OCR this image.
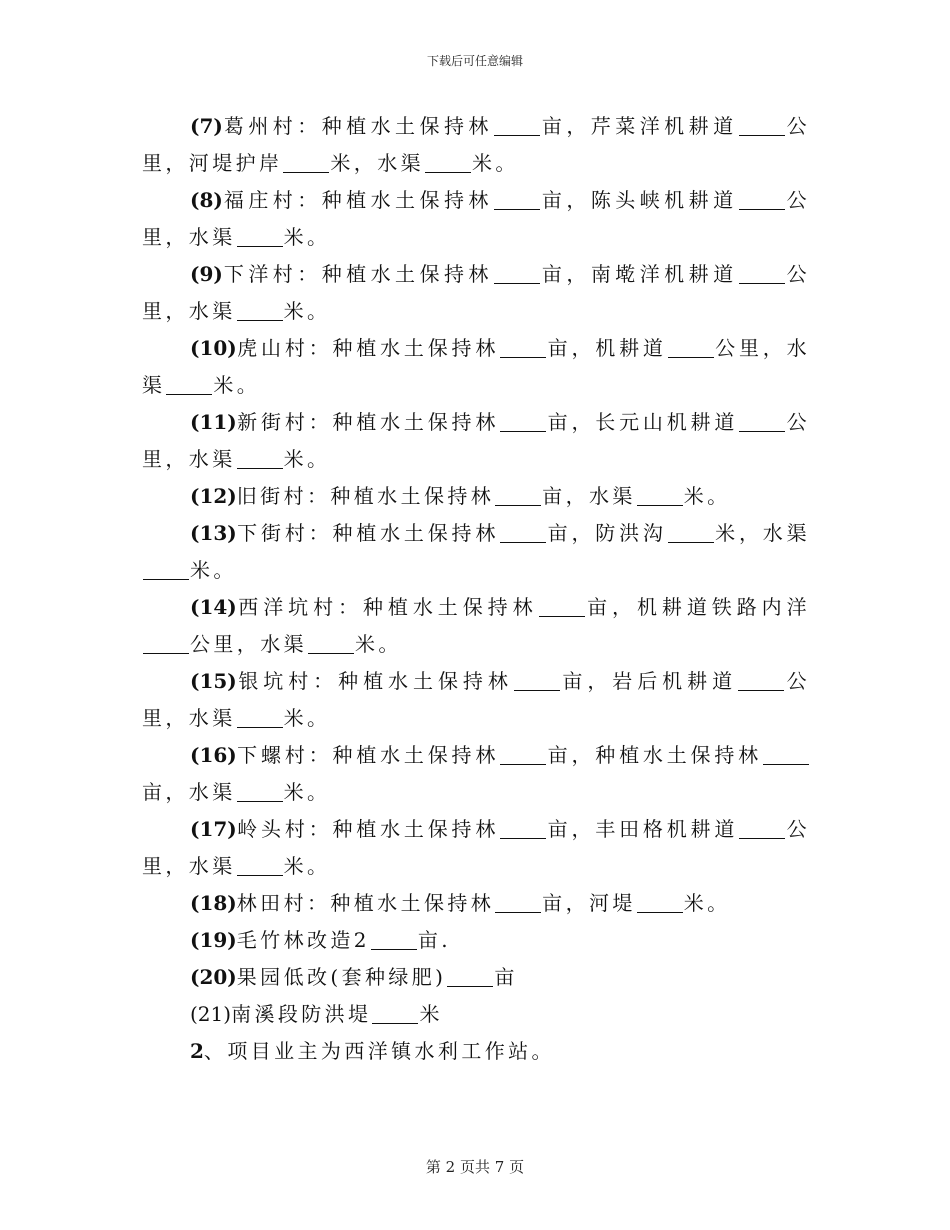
下载后可任意编辑

(7)葛州村：种植水土保持林 亩，芹菜洋机耕道 公里，河堤护岸 米，水渠 米。

(8)福庄村：种植水土保持林 亩，陈头峡机耕道 公里，水渠 米。

(9)下洋村：种植水土保持林 亩，南墘洋机耕道 公里，水渠 米。

(10)虎山村：种植水土保持林 亩，机耕道 公里，水渠 米。

(11)新街村：种植水土保持林 亩，长元山机耕道 公里，水渠 米。

(12)旧街村：种植水土保持林 亩，水渠 米。

(13)下街村：种植水土保持林 亩，防洪沟 米，水渠米。

(14)西洋坑村：种植水土保持林 亩，机耕道铁路内洋公里，水渠 米。

(15)银坑村：种植水土保持林 亩，岩后机耕道 公里，水渠 米。

(16)下螺村：种植水土保持林 亩，种植水土保持林亩，水渠 米。

(17)岭头村：种植水土保持林 亩，丰田格机耕道 公里，水渠 米。

(18)林田村：种植水土保持林 亩，河堤 米。

(19)毛竹林改造2 亩.

(20)果园低改(套种绿肥) 亩

(21)南溪段防洪堤 米

2、项目业主为西洋镇水利工作站。

第 2 页共 7 页
